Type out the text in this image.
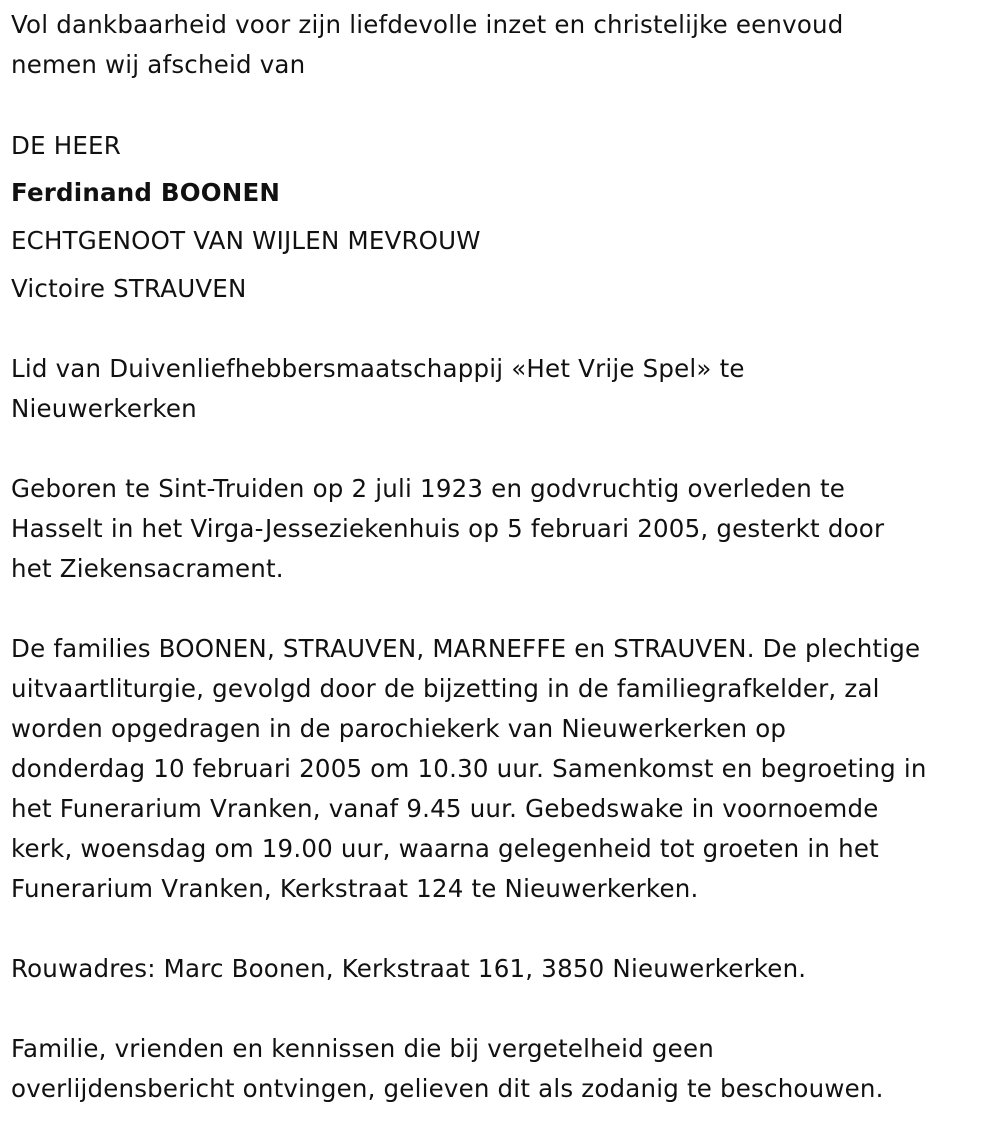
Vol dankbaarheid voor zijn liefdevolle inzet en christelijke eenvoud
nemen wij afscheid van
DE HEER
Ferdinand BOONEN
ECHTGENOOT VAN WIJLEN MEVROUW
Victoire STRAUVEN
Lid van Duivenliefhebbersmaatschappij «Het Vrije Spel» te
Nieuwerkerken
Geboren te Sint-Truiden op 2 juli 1923 en godvruchtig overleden te
Hasselt in het Virga-Jesseziekenhuis op 5 februari 2005, gesterkt door
het Ziekensacrament.
De families BOONEN, STRAUVEN, MARNEFFE en STRAUVEN. De plechtige
uitvaartliturgie, gevolgd door de bijzetting in de familiegrafkelder, zal
worden opgedragen in de parochiekerk van Nieuwerkerken op
donderdag 10 februari 2005 om 10.30 uur. Samenkomst en begroeting in
het Funerarium Vranken, vanaf 9.45 uur. Gebedswake in voornoemde
kerk, woensdag om 19.00 uur, waarna gelegenheid tot groeten in het
Funerarium Vranken, Kerkstraat 124 te Nieuwerkerken.
Rouwadres: Marc Boonen, Kerkstraat 161, 3850 Nieuwerkerken.
Familie, vrienden en kennissen die bij vergetelheid geen
overlijdensbericht ontvingen, gelieven dit als zodanig te beschouwen.
